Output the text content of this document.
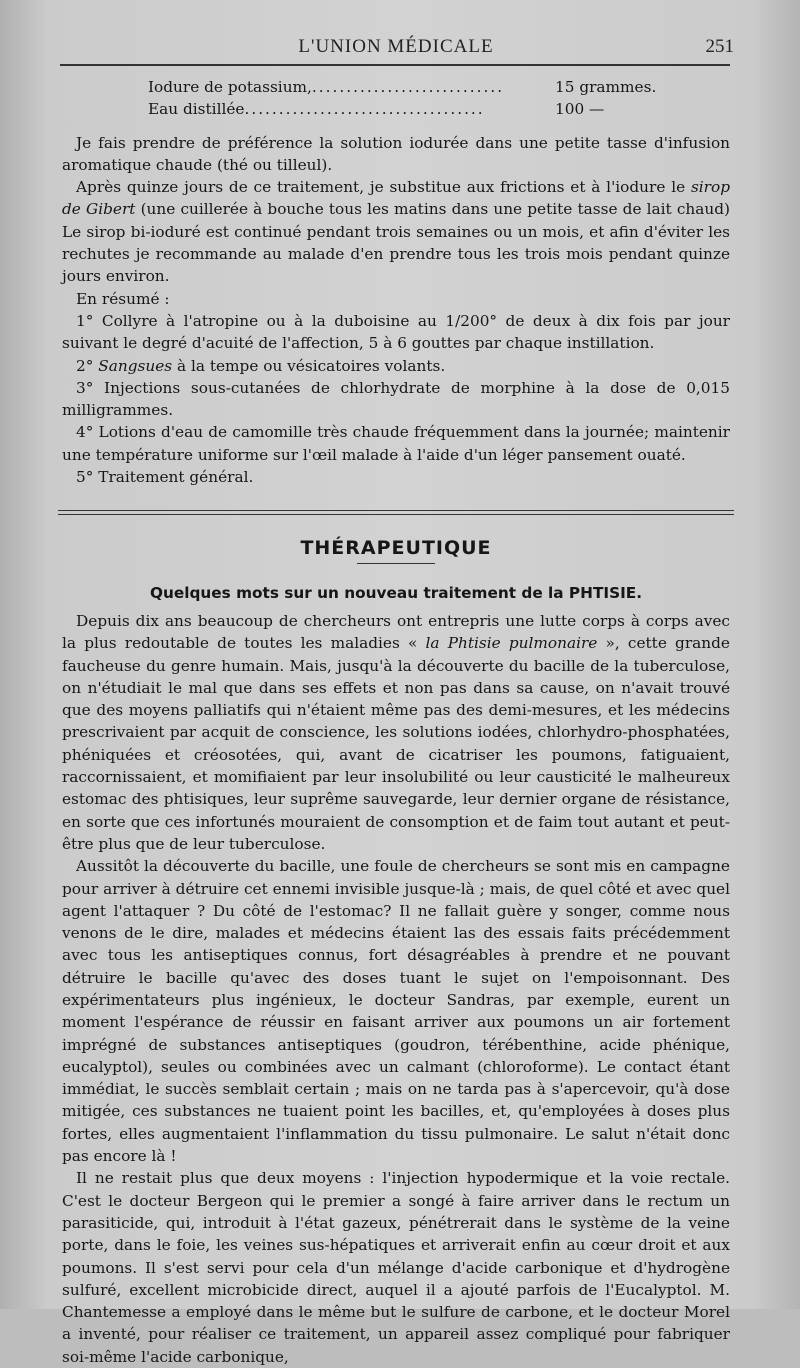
L'UNION MÉDICALE	251
Iodure de potassium, ............................	15 grammes.
Eau distillée ...................................	100 —

Je fais prendre de préférence la solution iodurée dans une petite tasse d'infusion aromatique chaude (thé ou tilleul).

Après quinze jours de ce traitement, je substitue aux frictions et à l'iodure le sirop de Gibert (une cuillerée à bouche tous les matins dans une petite tasse de lait chaud) Le sirop bi-ioduré est continué pendant trois semaines ou un mois, et afin d'éviter les rechutes je recommande au malade d'en prendre tous les trois mois pendant quinze jours environ.

En résumé :

1° Collyre à l'atropine ou à la duboisine au 1/200° de deux à dix fois par jour suivant le degré d'acuité de l'affection, 5 à 6 gouttes par chaque instillation.

2° Sangsues à la tempe ou vésicatoires volants.

3° Injections sous-cutanées de chlorhydrate de morphine à la dose de 0,015 milligrammes.

4° Lotions d'eau de camomille très chaude fréquemment dans la journée; maintenir une température uniforme sur l'œil malade à l'aide d'un léger pansement ouaté.

5° Traitement général.

THÉRAPEUTIQUE
Quelques mots sur un nouveau traitement de la PHTISIE.

Depuis dix ans beaucoup de chercheurs ont entrepris une lutte corps à corps avec la plus redoutable de toutes les maladies « la Phtisie pulmonaire », cette grande faucheuse du genre humain. Mais, jusqu'à la découverte du bacille de la tuberculose, on n'étudiait le mal que dans ses effets et non pas dans sa cause, on n'avait trouvé que des moyens palliatifs qui n'étaient même pas des demi-mesures, et les médecins prescrivaient par acquit de conscience, les solutions iodées, chlorhydro-phosphatées, phéniquées et créosotées, qui, avant de cicatriser les poumons, fatiguaient, raccornissaient, et momifiaient par leur insolubilité ou leur causticité le malheureux estomac des phtisiques, leur suprême sauvegarde, leur dernier organe de résistance, en sorte que ces infortunés mouraient de consomption et de faim tout autant et peut-être plus que de leur tuberculose.

Aussitôt la découverte du bacille, une foule de chercheurs se sont mis en campagne pour arriver à détruire cet ennemi invisible jusque-là ; mais, de quel côté et avec quel agent l'attaquer ? Du côté de l'estomac? Il ne fallait guère y songer, comme nous venons de le dire, malades et médecins étaient las des essais faits précédemment avec tous les antiseptiques connus, fort désagréables à prendre et ne pouvant détruire le bacille qu'avec des doses tuant le sujet on l'empoisonnant. Des expérimentateurs plus ingénieux, le docteur Sandras, par exemple, eurent un moment l'espérance de réussir en faisant arriver aux poumons un air fortement imprégné de substances antiseptiques (goudron, térébenthine, acide phénique, eucalyptol), seules ou combinées avec un calmant (chloroforme). Le contact étant immédiat, le succès semblait certain ; mais on ne tarda pas à s'apercevoir, qu'à dose mitigée, ces substances ne tuaient point les bacilles, et, qu'employées à doses plus fortes, elles augmentaient l'inflammation du tissu pulmonaire. Le salut n'était donc pas encore là !

Il ne restait plus que deux moyens : l'injection hypodermique et la voie rectale. C'est le docteur Bergeon qui le premier a songé à faire arriver dans le rectum un parasiticide, qui, introduit à l'état gazeux, pénétrerait dans le système de la veine porte, dans le foie, les veines sus-hépatiques et arriverait enfin au cœur droit et aux poumons. Il s'est servi pour cela d'un mélange d'acide carbonique et d'hydrogène sulfuré, excellent microbicide direct, auquel il a ajouté parfois de l'Eucalyptol. M. Chantemesse a employé dans le même but le sulfure de carbone, et le docteur Morel a inventé, pour réaliser ce traitement, un appareil assez compliqué pour fabriquer soi-même l'acide carbonique,
